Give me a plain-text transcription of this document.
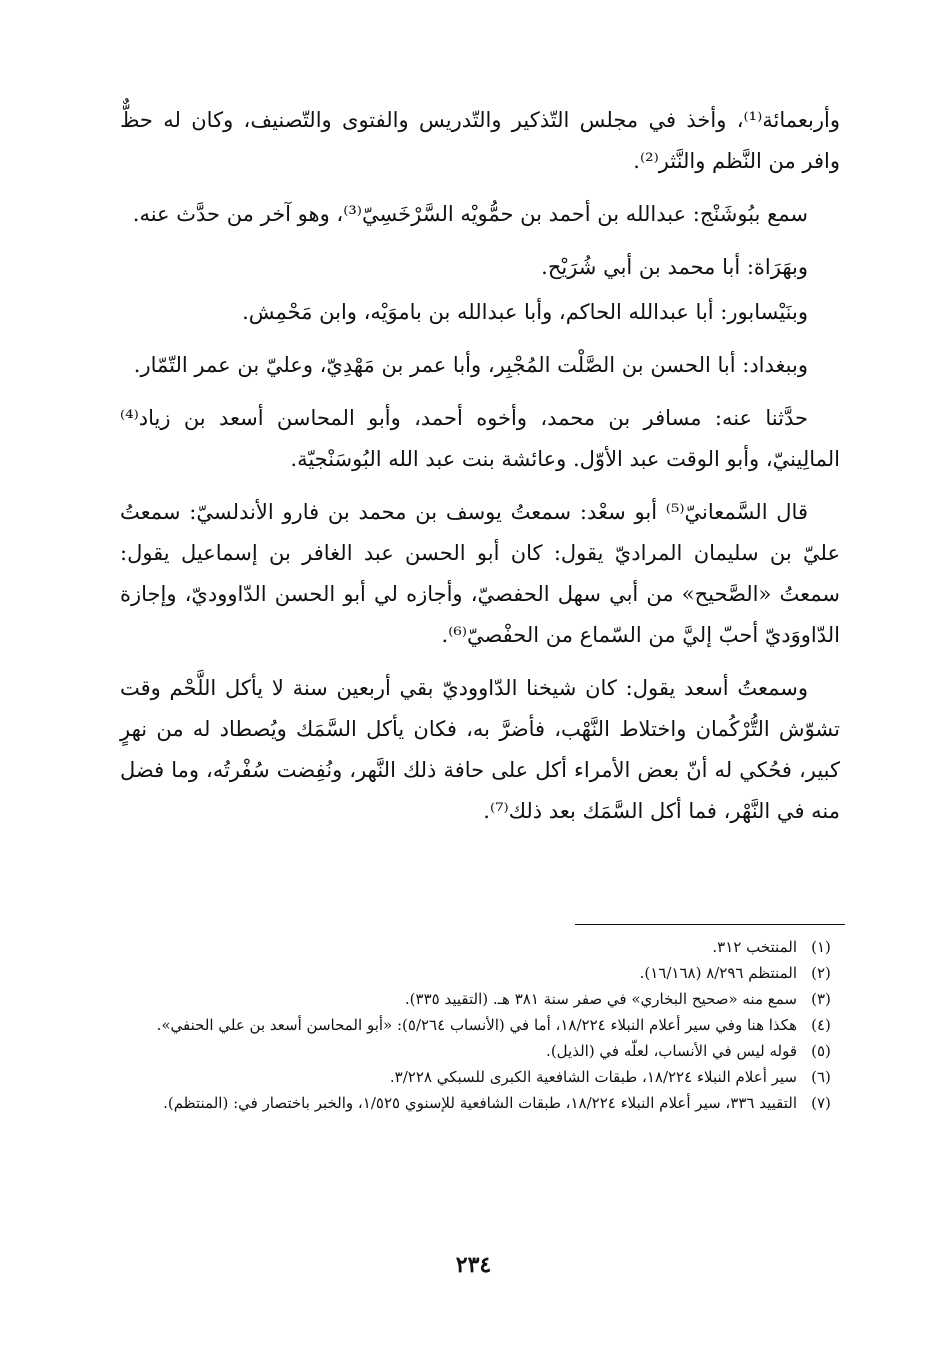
وأربعمائة⁽¹⁾، وأخذ في مجلس التّذكير والتّدريس والفتوى والتّصنيف، وكان له حظٌّ وافر من النَّظم والنَّثر⁽²⁾.

سمع ببُوشَنْج: عبدالله بن أحمد بن حمُّويْه السَّرْخَسِيّ⁽³⁾، وهو آخر من حدَّث عنه.

وبهَرَاة: أبا محمد بن أبي شُرَيْح.

وبنَيْسابور: أبا عبدالله الحاكم، وأبا عبدالله بن باموَيْه، وابن مَحْمِش.

وببغداد: أبا الحسن بن الصَّلْت المُجْبِر، وأبا عمر بن مَهْدِيّ، وعليّ بن عمر التّمّار.

حدَّثنا عنه: مسافر بن محمد، وأخوه أحمد، وأبو المحاسن أسعد بن زياد⁽⁴⁾ المالِينيّ، وأبو الوقت عبد الأوّل. وعائشة بنت عبد الله البُوسَنْجيّة.

قال السَّمعانيّ⁽⁵⁾ أبو سعْد: سمعتُ يوسف بن محمد بن فارو الأندلسيّ: سمعتُ عليّ بن سليمان المراديّ يقول: كان أبو الحسن عبد الغافر بن إسماعيل يقول: سمعتُ «الصَّحيح» من أبي سهل الحفصيّ، وأجازه لي أبو الحسن الدّاووديّ، وإجازة الدّاووَديّ أحبّ إليَّ من السّماع من الحفْصيّ⁽⁶⁾.

وسمعتُ أسعد يقول: كان شيخنا الدّاووديّ بقي أربعين سنة لا يأكل اللَّحْم وقت تشوّش التُّرْكُمان واختلاط النَّهْب، فأضرَّ به، فكان يأكل السَّمَك ويُصطاد له من نهرٍ كبير، فحُكي له أنّ بعض الأمراء أكل على حافة ذلك النَّهر، ونُفِضت سُفْرتُه، وما فضل منه في النَّهْر، فما أكل السَّمَك بعد ذلك⁽⁷⁾.

(١)
المنتخب ٣١٢.
(٢)
المنتظم ٨/٢٩٦ (١٦/١٦٨).
(٣)
سمع منه «صحيح البخاري» في صفر سنة ٣٨١ هـ. (التقييد ٣٣٥).
(٤)
هكذا هنا وفي سير أعلام النبلاء ١٨/٢٢٤، أما في (الأنساب ٥/٢٦٤): «أبو المحاسن أسعد بن علي الحنفي».
(٥)
قوله ليس في الأنساب، لعلّه في (الذيل).
(٦)
سير أعلام النبلاء ١٨/٢٢٤، طبقات الشافعية الكبرى للسبكي ٣/٢٢٨.
(٧)
التقييد ٣٣٦، سير أعلام النبلاء ١٨/٢٢٤، طبقات الشافعية للإسنوي ١/٥٢٥، والخبر باختصار في: (المنتظم).
٢٣٤
